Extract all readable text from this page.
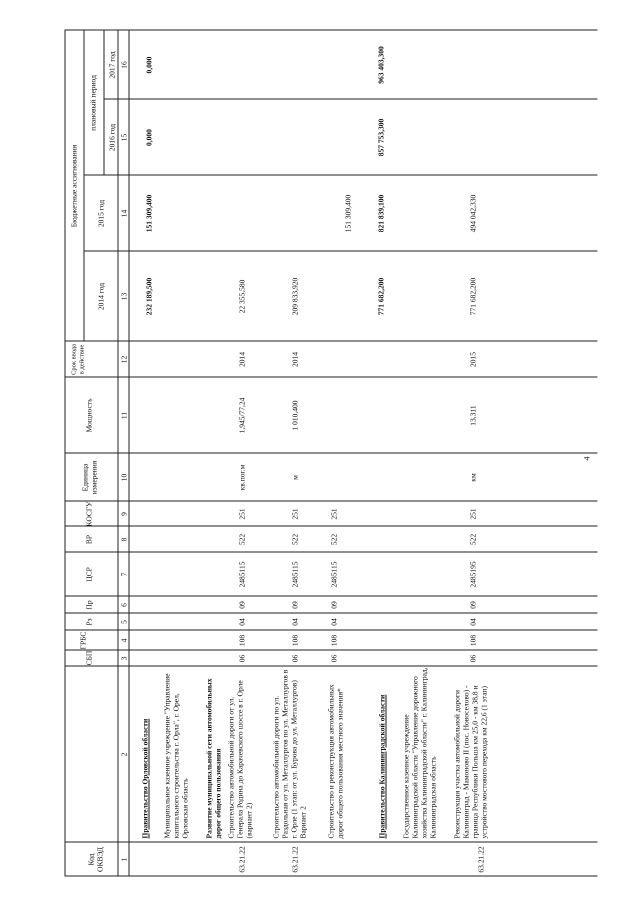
Код ОКВЭД
СБП
ГРБС
Рз
Пр
ЦСР
ВР
КОСГУ
Единица измерения
Мощность
Срок ввода в действие
Бюджетные ассигнования
2014 год
2015 год
плановый период
2016 год
2017 год
1
2
3
4
5
6
7
8
9
10
11
12
13
14
15
16
Правительство Орловской области
232 189,500
151 309,400
0,000
0,000
Муниципальное казенное учреждение "Управление капитального строительства г. Орла", г. Орел, Орловская область Развитие муниципальной сети автомобильных дорог общего пользования
63.21.22
Строительство автомобильной дороги от ул. Генерала Родина до Карачевского шоссе в г. Орле (вариант 2)
06
108
04
09
2485115
522
251
кв.пог.м
1,945/77,24
2014
22 355,580
63.21.22
Строительство автомобильной дороги по ул. Раздольная от ул. Металлургов по ул. Металлургов в г. Орле (1 этап: от ул. Бурова до ул. Металлургов) Вариант 2
06
108
04
09
2485115
522
251
м
1 010,400
2014
209 833,920
Строительство и реконструкция автомобильных дорог общего пользования местного значения*
06
108
04
09
2485115
522
251
151 309,400
Правительство Калининградской области
771 682,200
821 839,100
857 753,300
963 403,300
Государственное казенное учреждение Калининградской области "Управление дорожного хозяйства Калининградской области" г. Калининград, Калининградская область
63.21.22
Реконструкция участка автомобильной дороги Калининград - Мамоново II (пос. Новоселово) - граница Республики Польша км 25,0 - км 38,8 и устройство мостового перехода км 22,6 (1 этап)
06
108
04
09
2485195
522
251
км
13,311
2015
771 682,200
494 042,330
4
